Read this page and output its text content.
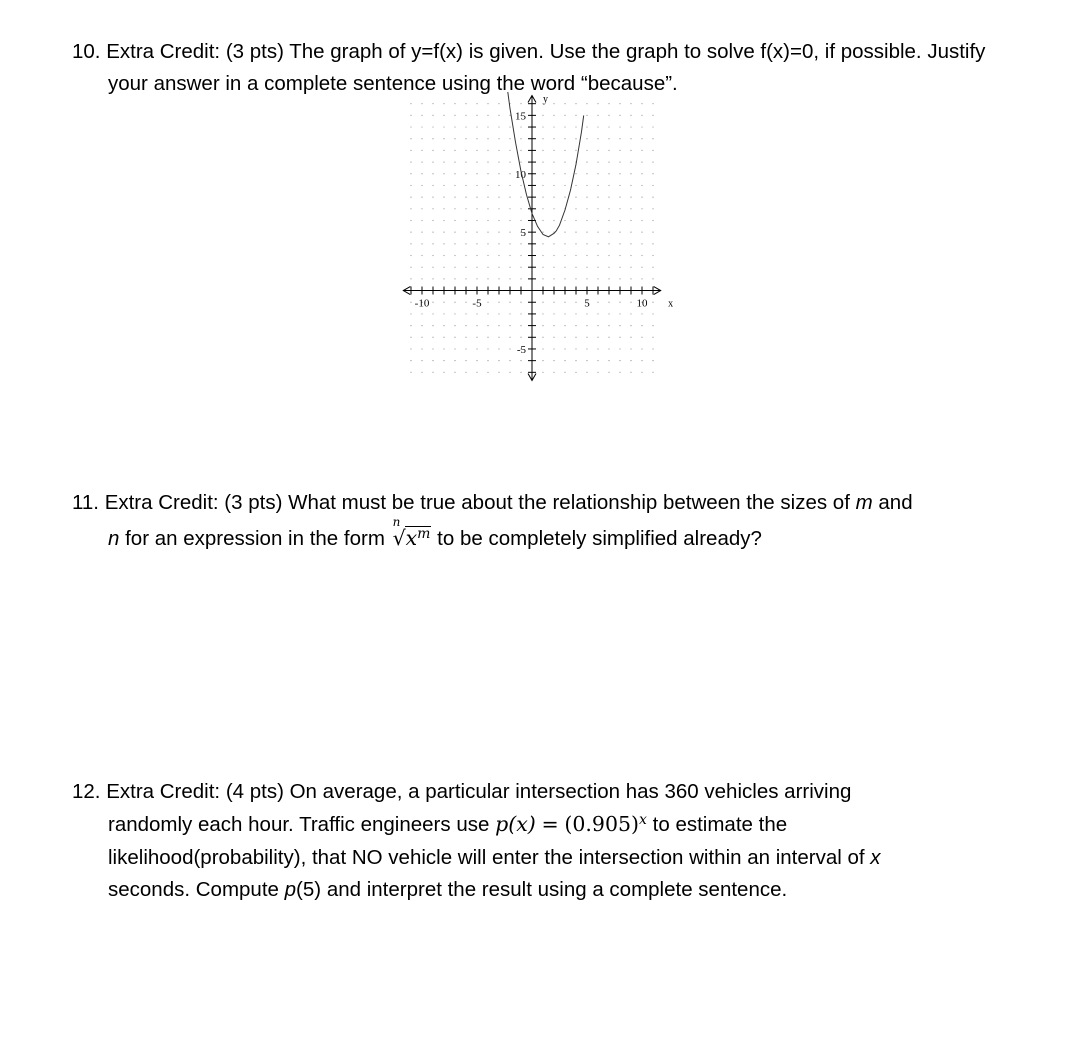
10. Extra Credit: (3 pts) The graph of y=f(x) is given. Use the graph to solve f(x)=0, if possible. Justify
your answer in a complete sentence using the word “because”.
-10	-5	5	10
-5
5
10
15
x
y
11. Extra Credit: (3 pts) What must be true about the relationship between the sizes of m and
n for an expression in the form
n
√ $x^m$ to be completely simplified already?
12. Extra Credit: (4 pts) On average, a particular intersection has 360 vehicles arriving
randomly each hour. Traffic engineers use $p(x) = (0.905)^x$ to estimate the
likelihood(probability), that NO vehicle will enter the intersection within an interval of x
seconds. Compute p(5) and interpret the result using a complete sentence.
